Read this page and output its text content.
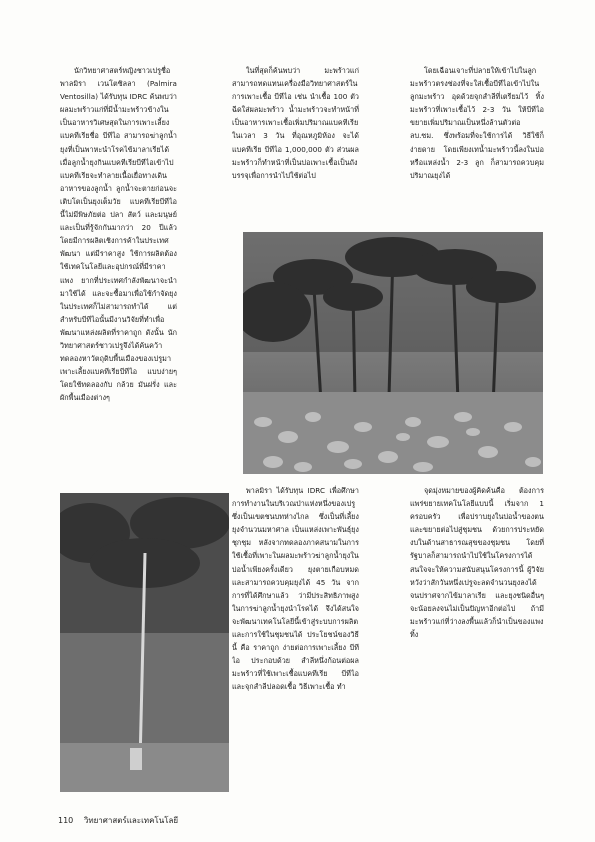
นักวิทยาศาสตร์หญิงชาวเปรูชื่อ พาลมิรา เวนโตซิลลา (Palmira Ventosilla) ได้รับทุน IDRC ค้นพบว่า ผลมะพร้าวแก่ที่มีน้ำมะพร้าวข้างในเป็นอาหารวิเศษสุดในการเพาะเลี้ยงแบคทีเรียชื่อ บีทีไอ สามารถฆ่าลูกน้ำยุงที่เป็นพาหะนำโรคไข้มาลาเรียได้ เมื่อลูกน้ำยุงกินแบคทีเรียบีทีไอเข้าไป แบคทีเรียจะทำลายเนื้อเยื่อทางเดินอาหารของลูกน้ำ ลูกน้ำจะตายก่อนจะเติบโตเป็นยุงเต็มวัย แบคทีเรียบีทีไอ นี้ไม่มีพิษภัยต่อ ปลา สัตว์ และมนุษย์ และเป็นที่รู้จักกันมากว่า 20 ปีแล้ว โดยมีการผลิตเชิงการค้าในประเทศพัฒนา แต่มีราคาสูง ใช้การผลิตต้องใช้เทคโนโลยีและอุปกรณ์ที่มีราคาแพง ยากที่ประเทศกำลังพัฒนาจะนำมาใช้ได้ และจะซื้อมาเพื่อใช้กำจัดยุงในประเทศก็ไม่สามารถทำได้ แต่สำหรับบีทีไอนั้นมีงานวิจัยที่ทำเพื่อพัฒนาแหล่งผลิตที่ราคาถูก ดังนั้น นักวิทยาศาสตร์ชาวเปรูจึงได้ค้นคว้าทดลองหาวัตถุดิบพื้นเมืองของเปรูมาเพาะเลี้ยงแบคทีเรียบีทีไอ แบบง่ายๆ โดยใช้ทดลองกับ กล้วย มันฝรั่ง และผักพื้นเมืองต่างๆ

ในที่สุดก็ค้นพบว่า มะพร้าวแก่สามารถทดแทนเครื่องมือวิทยาศาสตร์ในการเพาะเชื้อ บีทีไอ เช่น นำเชื้อ 100 ตัว ฉีดใส่ผลมะพร้าว น้ำมะพร้าวจะทำหน้าที่เป็นอาหารเพาะเชื้อเพิ่มปริมาณแบคทีเรีย ในเวลา 3 วัน ที่อุณหภูมิห้อง จะได้แบคทีเรีย บีทีไอ 1,000,000 ตัว ส่วนผลมะพร้าวก็ทำหน้าที่เป็นบ่อเพาะเชื้อเป็นถังบรรจุเพื่อการนำไปใช้ต่อไป

โดยเฉือนเจาะที่ปลายให้เข้าไปในลูกมะพร้าวตรงช่องที่จะใส่เชื้อบีทีไอเข้าไปในลูกมะพร้าว อุดด้วยจุกสำลีที่เตรียมไว้ ทิ้งมะพร้าวที่เพาะเชื้อไว้ 2-3 วัน ให้บีทีไอขยายเพิ่มปริมาณเป็นหนึ่งล้านตัวต่อ ลบ.ซม. ซึ่งพร้อมที่จะใช้การได้ วิธีใช้ก็ง่ายดาย โดยเพียงเทน้ำมะพร้าวนี้ลงในบ่อหรือแหล่งน้ำ 2-3 ลูก ก็สามารถควบคุมปริมาณยุงได้

พาลมิรา ได้รับทุน IDRC เพื่อศึกษาการทำงานในบริเวณป่าแห่งหนึ่งของเปรูซึ่งเป็นเขตชนบทห่างไกล ซึ่งเป็นที่เลี้ยงยุงจำนวนมหาศาล เป็นแหล่งเพาะพันธุ์ยุงชุกชุม หลังจากทดลองภาคสนามในการใช้เชื้อที่เพาะในผลมะพร้าวฆ่าลูกน้ำยุงในบ่อน้ำเพียงครั้งเดียว ยุงตายเกือบหมดและสามารถควบคุมยุงได้ 45 วัน จากการที่ได้ศึกษาแล้ว ว่ามีประสิทธิภาพสูงในการฆ่าลูกน้ำยุงนำโรคได้ จึงได้สนใจจะพัฒนาเทคโนโลยีนี้เข้าสู่ระบบการผลิตและการใช้ในชุมชนได้ ประโยชน์ของวิธีนี้ คือ ราคาถูก ง่ายต่อการเพาะเลี้ยง บีทีไอ ประกอบด้วย สำลีหนึ่งก้อนต่อผลมะพร้าวที่ใช้เพาะเชื้อแบคทีเรีย บีทีไอ และจุกสำลีปลอดเชื้อ วิธีเพาะเชื้อ ทำ

จุดมุ่งหมายของผู้คิดค้นคือ ต้องการแพร่ขยายเทคโนโลยีแบบนี้ เริ่มจาก 1 ครอบครัว เพื่อปราบยุงในบ่อน้ำของตน และขยายต่อไปสู่ชุมชน ด้วยการประหยัดงบในด้านสาธารณสุขของชุมชน โดยที่รัฐบาลก็สามารถนำไปใช้ในโครงการได้ สนใจจะให้ความสนับสนุนโครงการนี้ ผู้วิจัยหวังว่าสักวันหนึ่งเปรูจะลดจำนวนยุงลงได้จนปราศจากไข้มาลาเรีย และยุงชนิดอื่นๆ จะน้อยลงจนไม่เป็นปัญหาอีกต่อไป ถ้ามีมะพร้าวแก่ที่ว่างลงพื้นแล้วก็นำเป็นของแพงทิ้ง

110 วิทยาศาสตร์และเทคโนโลยี
